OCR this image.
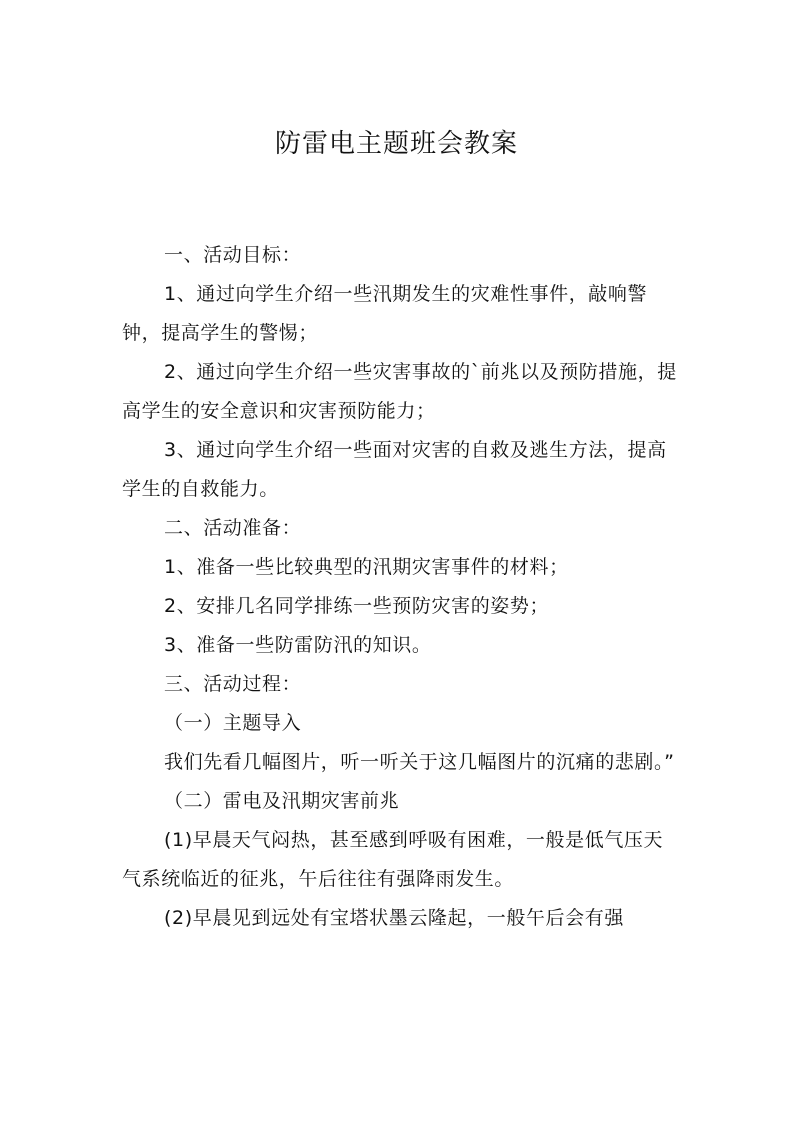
防雷电主题班会教案

一、活动目标：

1、通过向学生介绍一些汛期发生的灾难性事件，敲响警钟，提高学生的警惕；

2、通过向学生介绍一些灾害事故的`前兆以及预防措施，提高学生的安全意识和灾害预防能力；

3、通过向学生介绍一些面对灾害的自救及逃生方法，提高学生的自救能力。

二、活动准备：

1、准备一些比较典型的汛期灾害事件的材料；

2、安排几名同学排练一些预防灾害的姿势；

3、准备一些防雷防汛的知识。

三、活动过程：

（一）主题导入

我们先看几幅图片，听一听关于这几幅图片的沉痛的悲剧。”

（二）雷电及汛期灾害前兆

(1)早晨天气闷热，甚至感到呼吸有困难，一般是低气压天气系统临近的征兆，午后往往有强降雨发生。

(2)早晨见到远处有宝塔状墨云隆起，一般午后会有强
